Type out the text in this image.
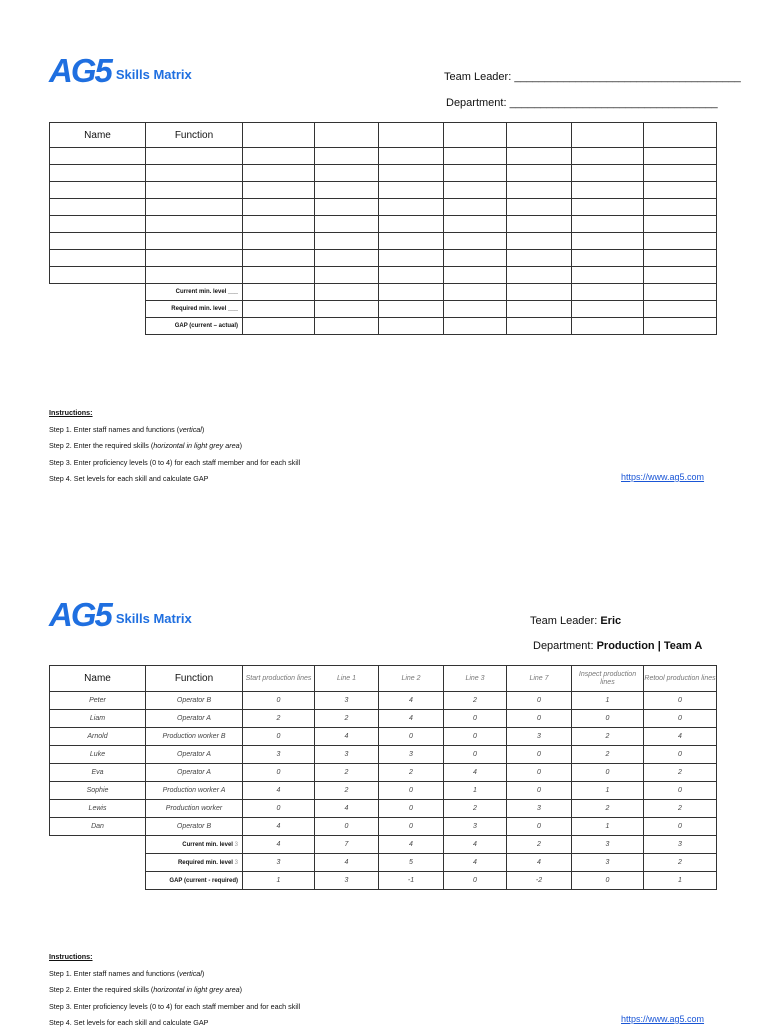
AG5 Skills Matrix	Team Leader: _____________________________________
Department: __________________________________
Name	Function							

	Current min. level ___							
	Required min. level ___							
	GAP (current – actual)							
Instructions:
Step 1. Enter staff names and functions (vertical)
Step 2. Enter the required skills (horizontal in light grey area)
Step 3. Enter proficiency levels (0 to 4) for each staff member and for each skill
Step 4. Set levels for each skill and calculate GAP	https://www.ag5.com
AG5 Skills Matrix	Team Leader: Eric
Department: Production | Team A
Name	Function	Start production lines	Line 1	Line 2	Line 3	Line 7	Inspect production lines	Retool production lines
Peter	Operator B	0	3	4	2	0	1	0
Liam	Operator A	2	2	4	0	0	0	0
Arnold	Production worker B	0	4	0	0	3	2	4
Luke	Operator A	3	3	3	0	0	2	0
Eva	Operator A	0	2	2	4	0	0	2
Sophie	Production worker A	4	2	0	1	0	1	0
Lewis	Production worker	0	4	0	2	3	2	2
Dan	Operator B	4	0	0	3	0	1	0
	Current min. level 3	4	7	4	4	2	3	3
	Required min. level 3	3	4	5	4	4	3	2
	GAP (current - required)	1	3	-1	0	-2	0	1
Instructions:
Step 1. Enter staff names and functions (vertical)
Step 2. Enter the required skills (horizontal in light grey area)
Step 3. Enter proficiency levels (0 to 4) for each staff member and for each skill
Step 4. Set levels for each skill and calculate GAP	https://www.ag5.com
